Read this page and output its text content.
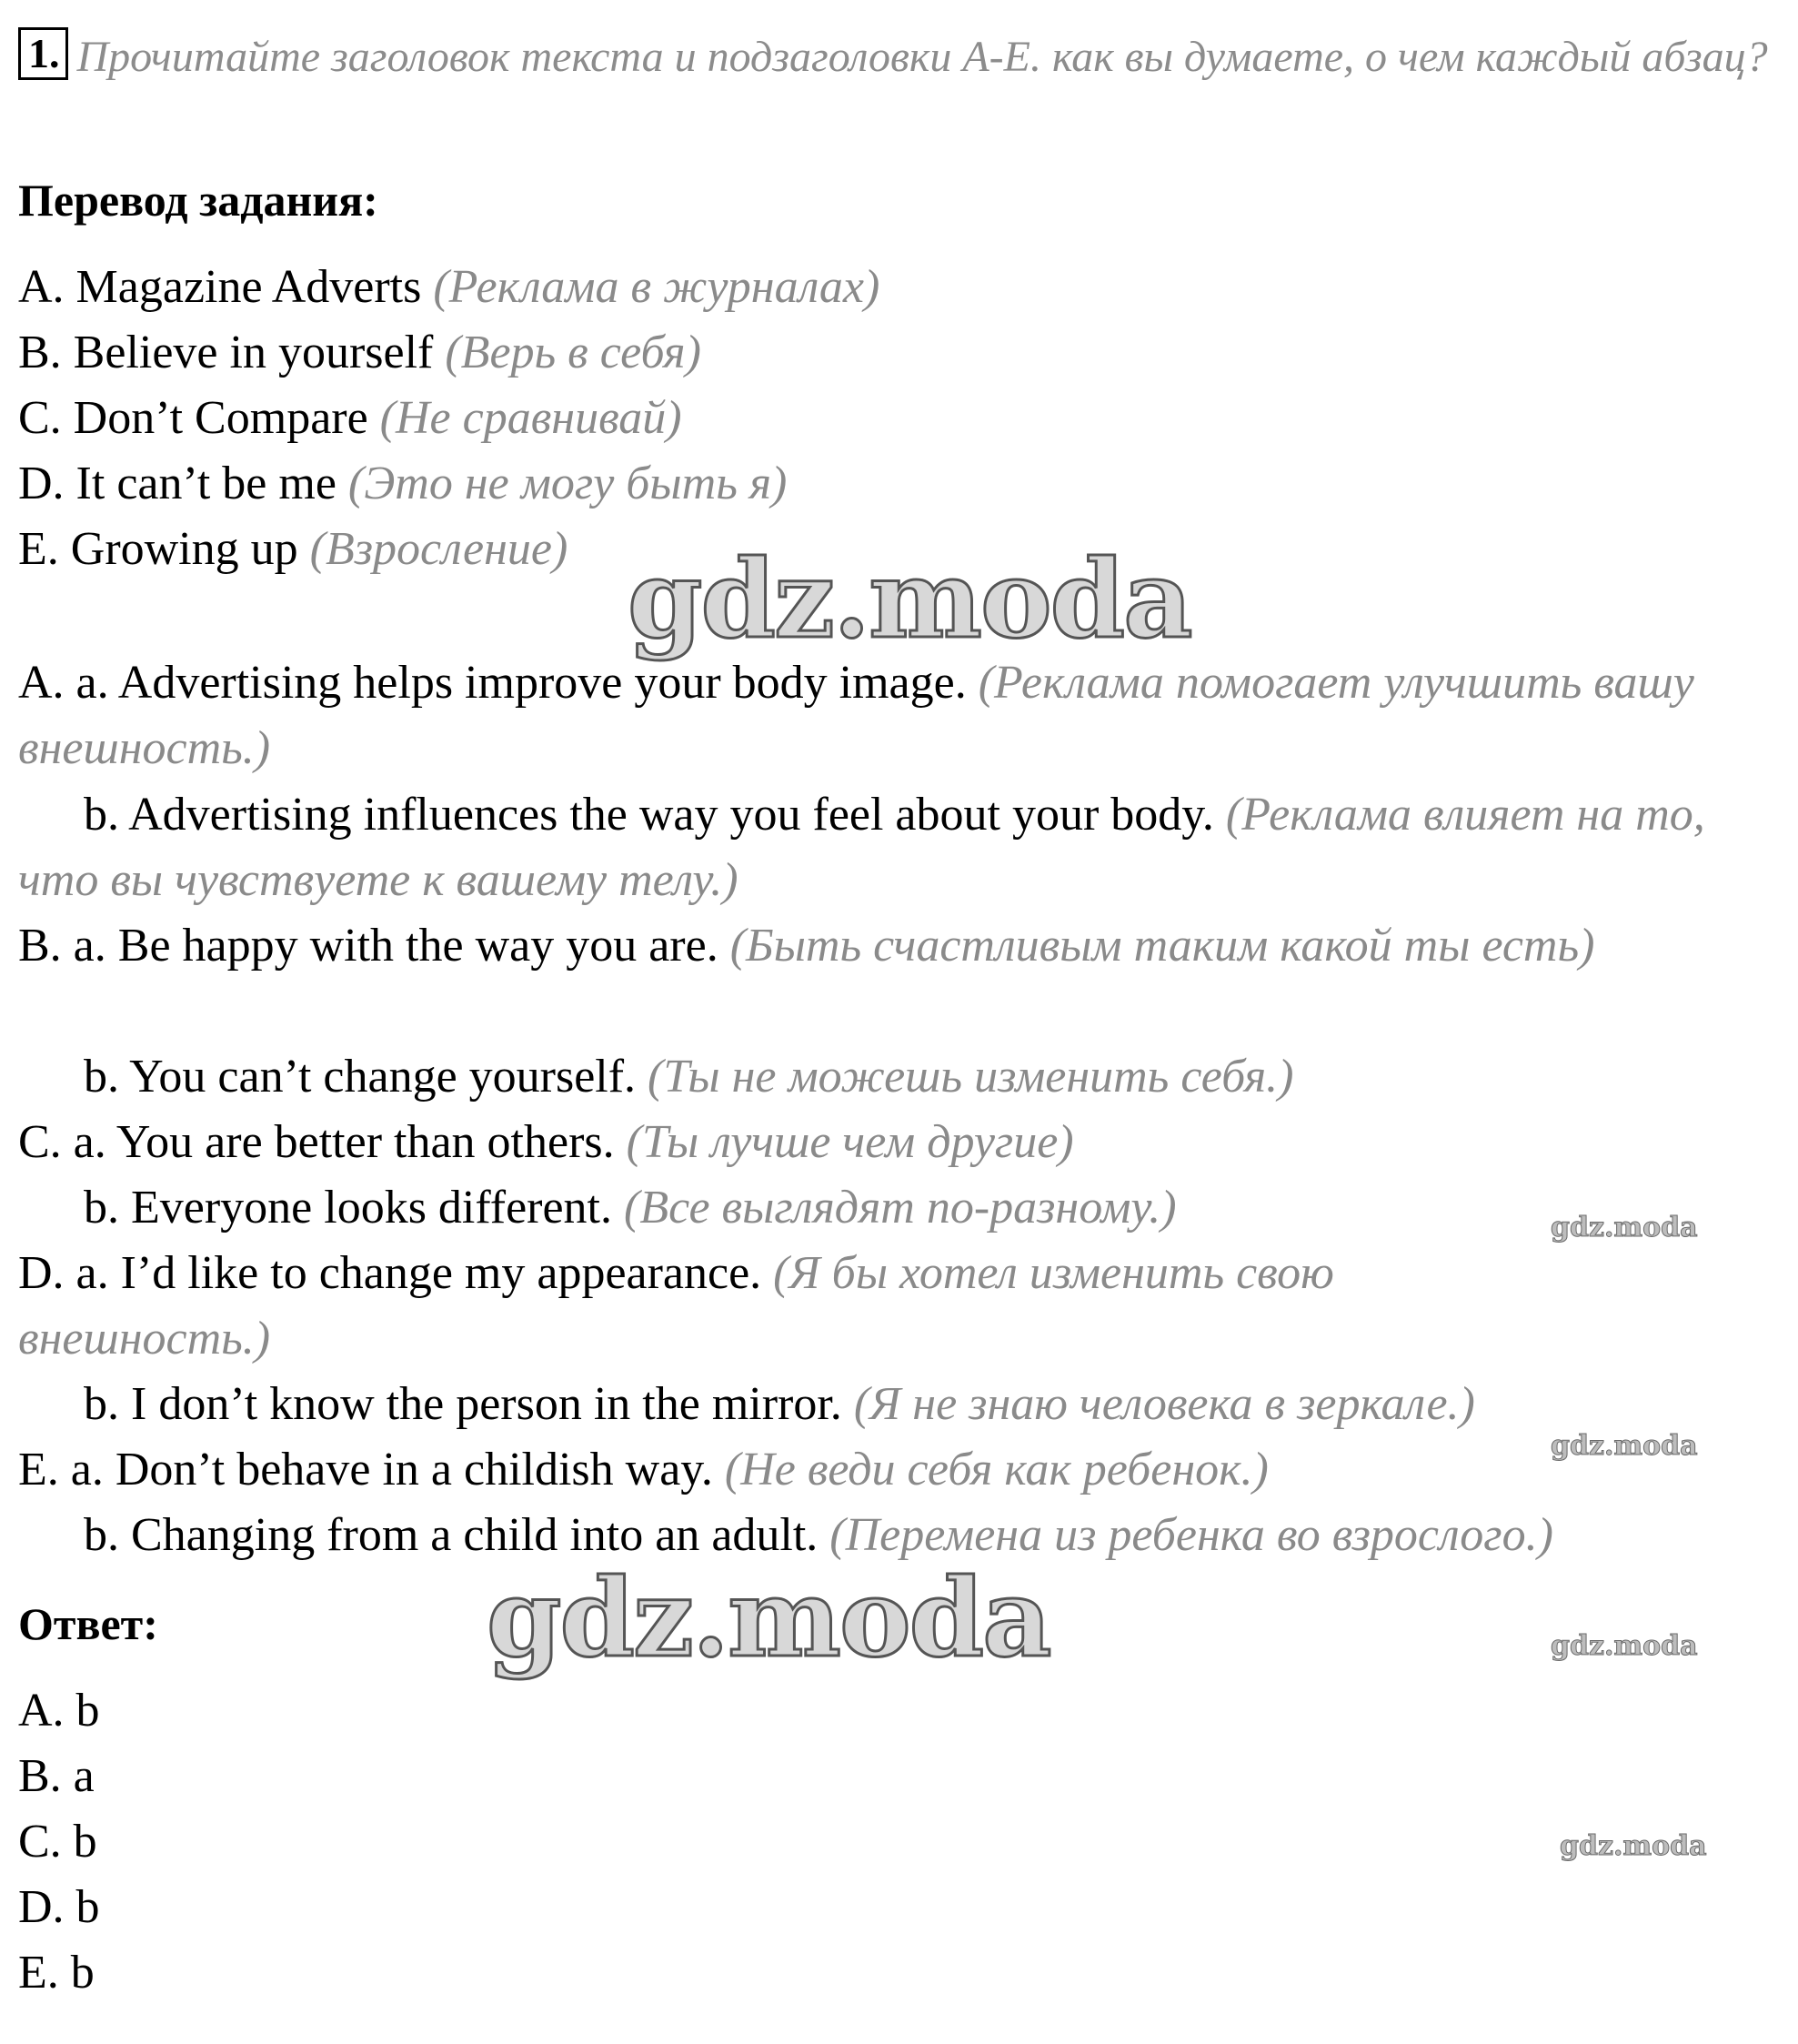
1. Прочитайте заголовок текста и подзаголовки A-E. как вы думаете, о чем каждый абзац?
Перевод задания:
A. Magazine Adverts (Реклама в журналах)
B. Believe in yourself (Верь в себя)
C. Don’t Compare (Не сравнивай)
D. It can’t be me (Это не могу быть я)
E. Growing up (Взросление) gdz.moda
A. a. Advertising helps improve your body image. (Реклама помогает улучшить вашу внешность.)
b. Advertising influences the way you feel about your body. (Реклама влияет на то, что вы чувствуете к вашему телу.)
B. a. Be happy with the way you are. (Быть счастливым таким какой ты есть)
b. You can’t change yourself. (Ты не можешь изменить себя.)
C. a. You are better than others. (Ты лучше чем другие)
b. Everyone looks different. (Все выглядят по-разному.)
D. a. I’d like to change my appearance. (Я бы хотел изменить свою внешность.)
b. I don’t know the person in the mirror. (Я не знаю человека в зеркале.)
E. a. Don’t behave in a childish way. (Не веди себя как ребенок.)
b. Changing from a child into an adult. (Перемена из ребенка во взрослого.)
gdz.moda
gdz.moda
gdz.moda
gdz.moda
Ответ:	gdz.moda
A. b
B. a
C. b
D. b
E. b
